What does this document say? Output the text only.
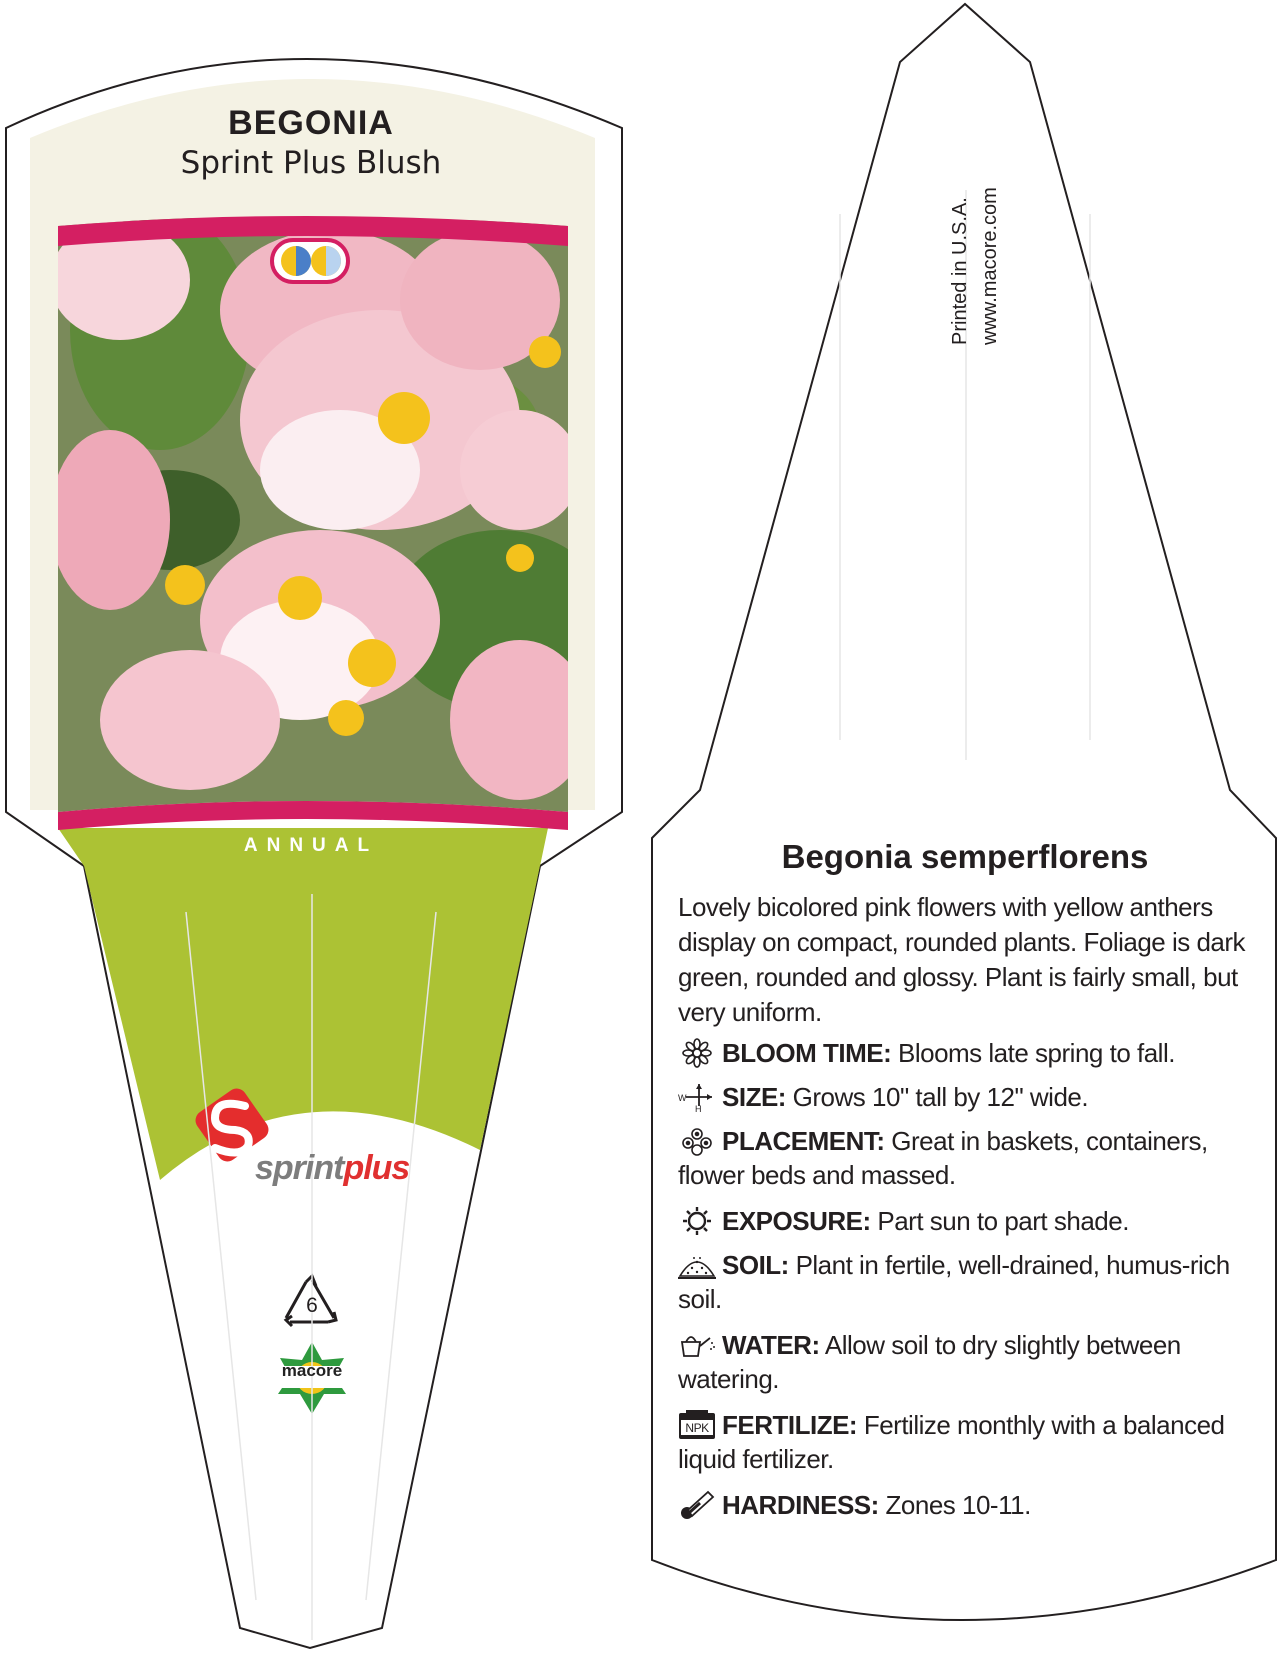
BEGONIA
Sprint Plus Blush
ANNUAL
sprintplus
6
macore
Printed in U.S.A. www.macore.com
Begonia semperflorens
Lovely bicolored pink flowers with yellow anthers display on compact, rounded plants. Foliage is dark green, rounded and glossy. Plant is fairly small, but very uniform.
BLOOM TIME: Blooms late spring to fall.
W
H SIZE: Grows 10" tall by 12" wide.
PLACEMENT: Great in baskets, containers, flower beds and massed.
EXPOSURE: Part sun to part shade.
SOIL: Plant in fertile, well-drained, humus-rich soil.
WATER: Allow soil to dry slightly between watering.
NPK FERTILIZE: Fertilize monthly with a balanced liquid fertilizer.
HARDINESS: Zones 10-11.
